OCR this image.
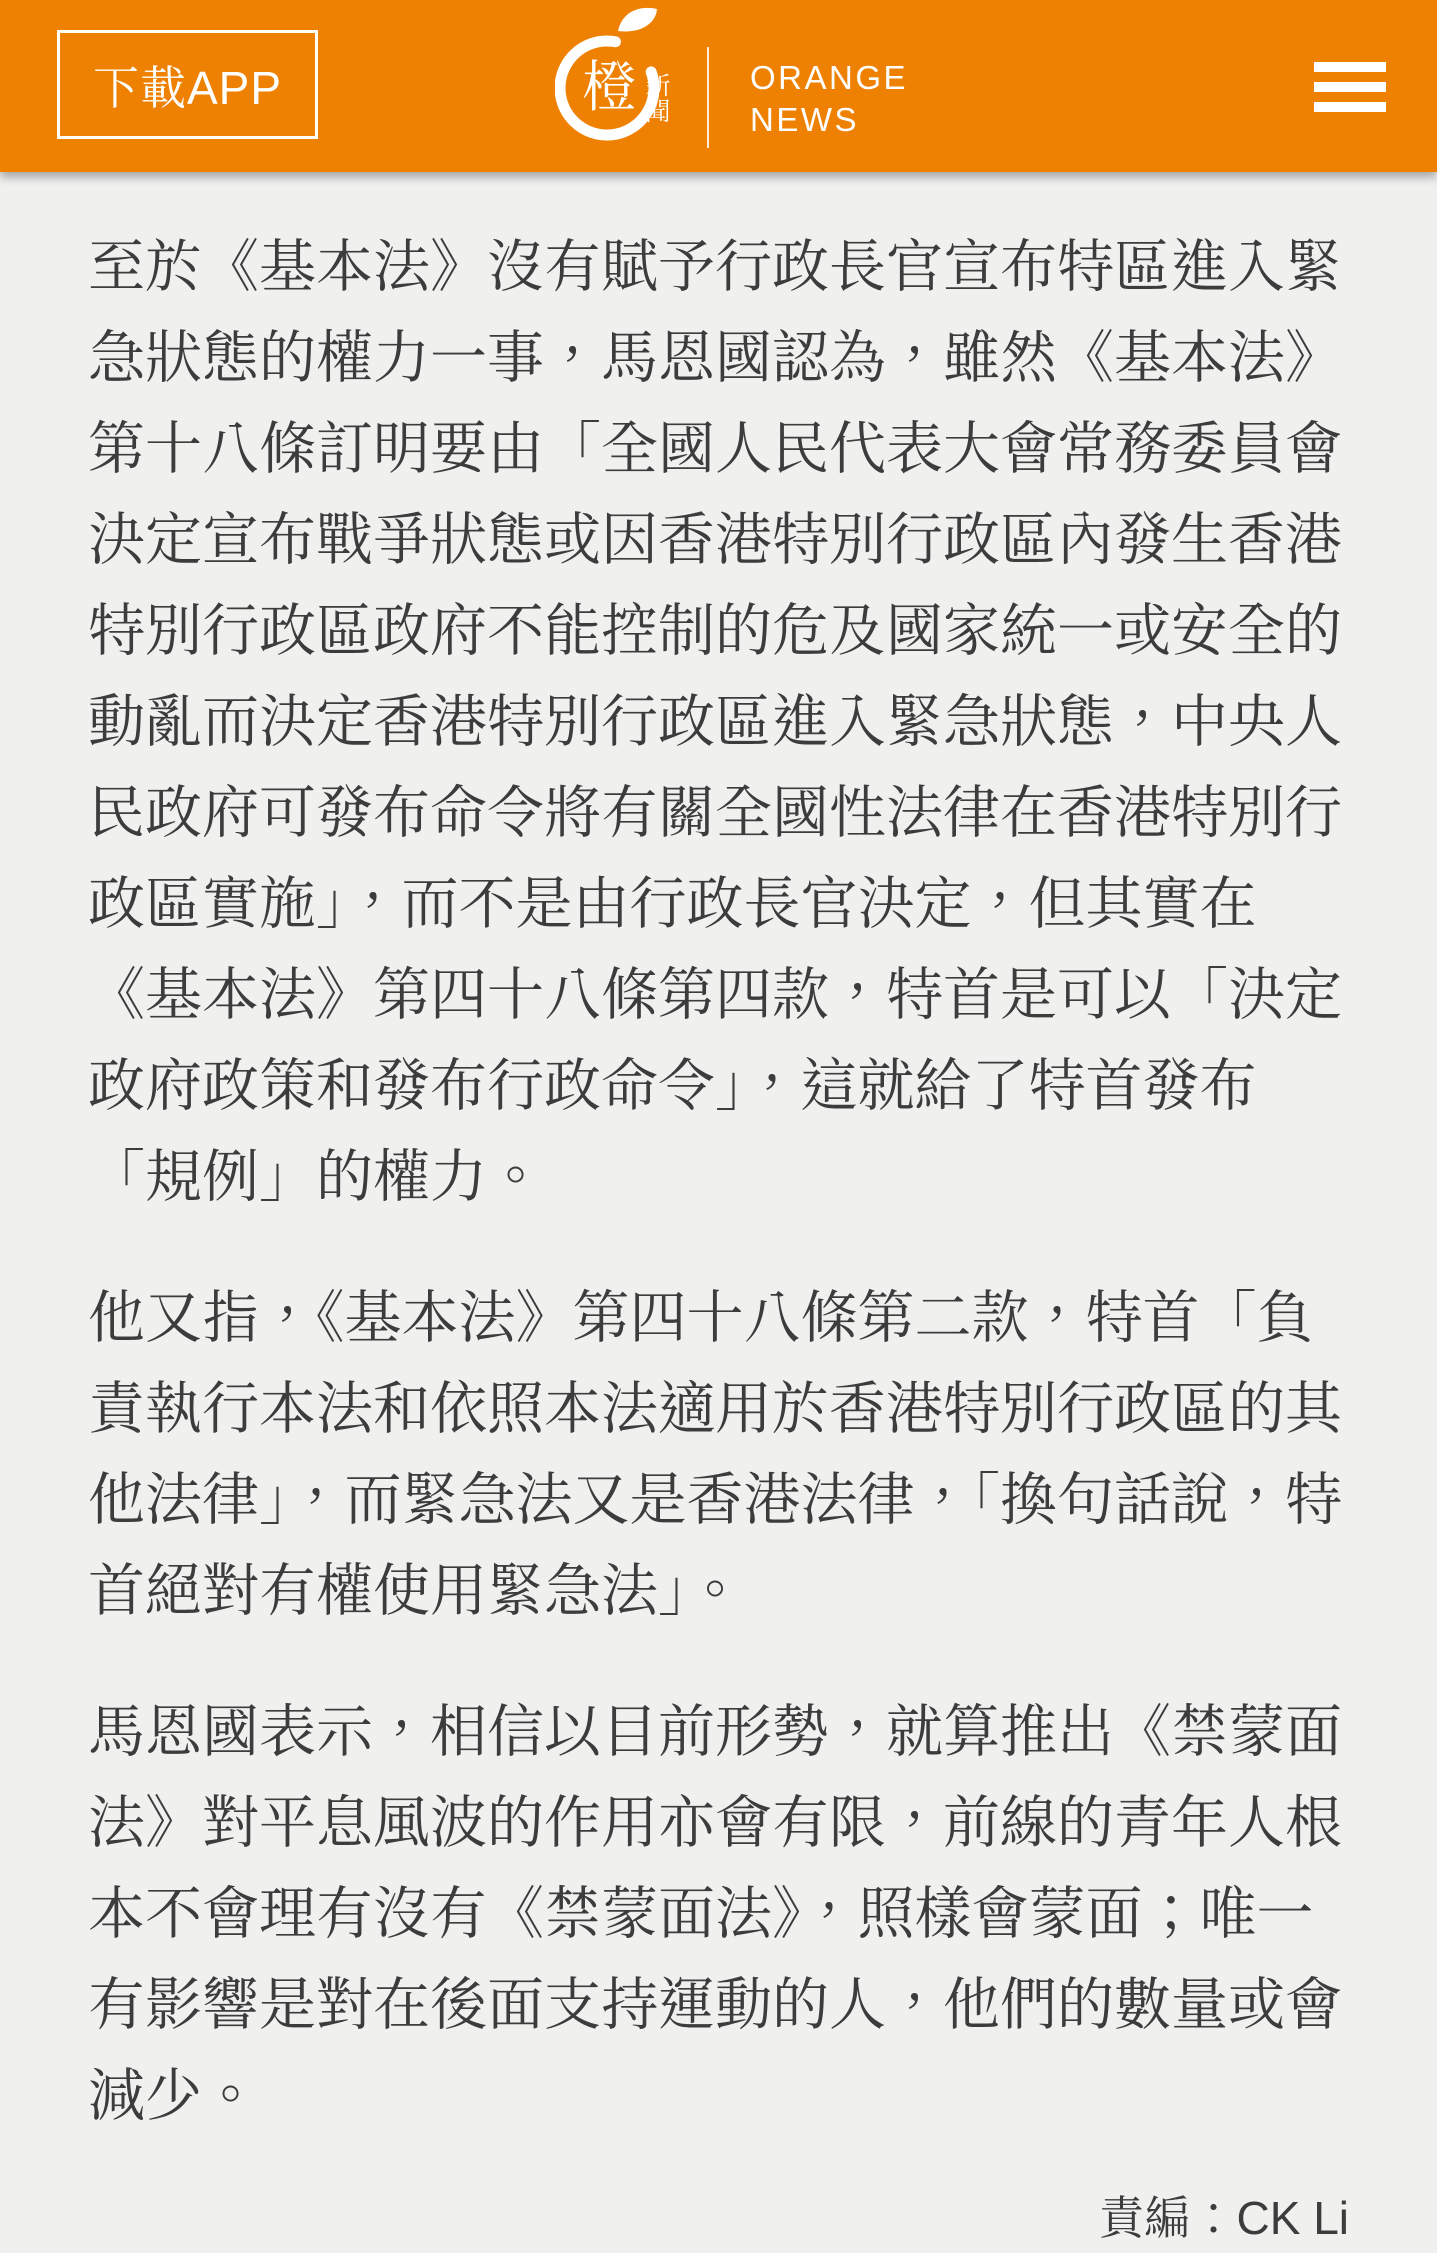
下載APP	橙 新聞 ORANGE
NEWS

至於《基本法》沒有賦予行政長官宣布特區進入緊急狀態的權力一事，馬恩國認為，雖然《基本法》第十八條訂明要由「全國人民代表大會常務委員會決定宣布戰爭狀態或因香港特別行政區內發生香港特別行政區政府不能控制的危及國家統一或安全的動亂而決定香港特別行政區進入緊急狀態，中央人民政府可發布命令將有關全國性法律在香港特別行政區實施」，而不是由行政長官決定，但其實在《基本法》第四十八條第四款，特首是可以「決定政府政策和發布行政命令」，這就給了特首發布「規例」的權力。

他又指，《基本法》第四十八條第二款，特首「負責執行本法和依照本法適用於香港特別行政區的其他法律」，而緊急法又是香港法律，「換句話說，特首絕對有權使用緊急法」。

馬恩國表示，相信以目前形勢，就算推出《禁蒙面法》對平息風波的作用亦會有限，前線的青年人根本不會理有沒有《禁蒙面法》，照樣會蒙面；唯一有影響是對在後面支持運動的人，他們的數量或會減少。

責編：CK Li
